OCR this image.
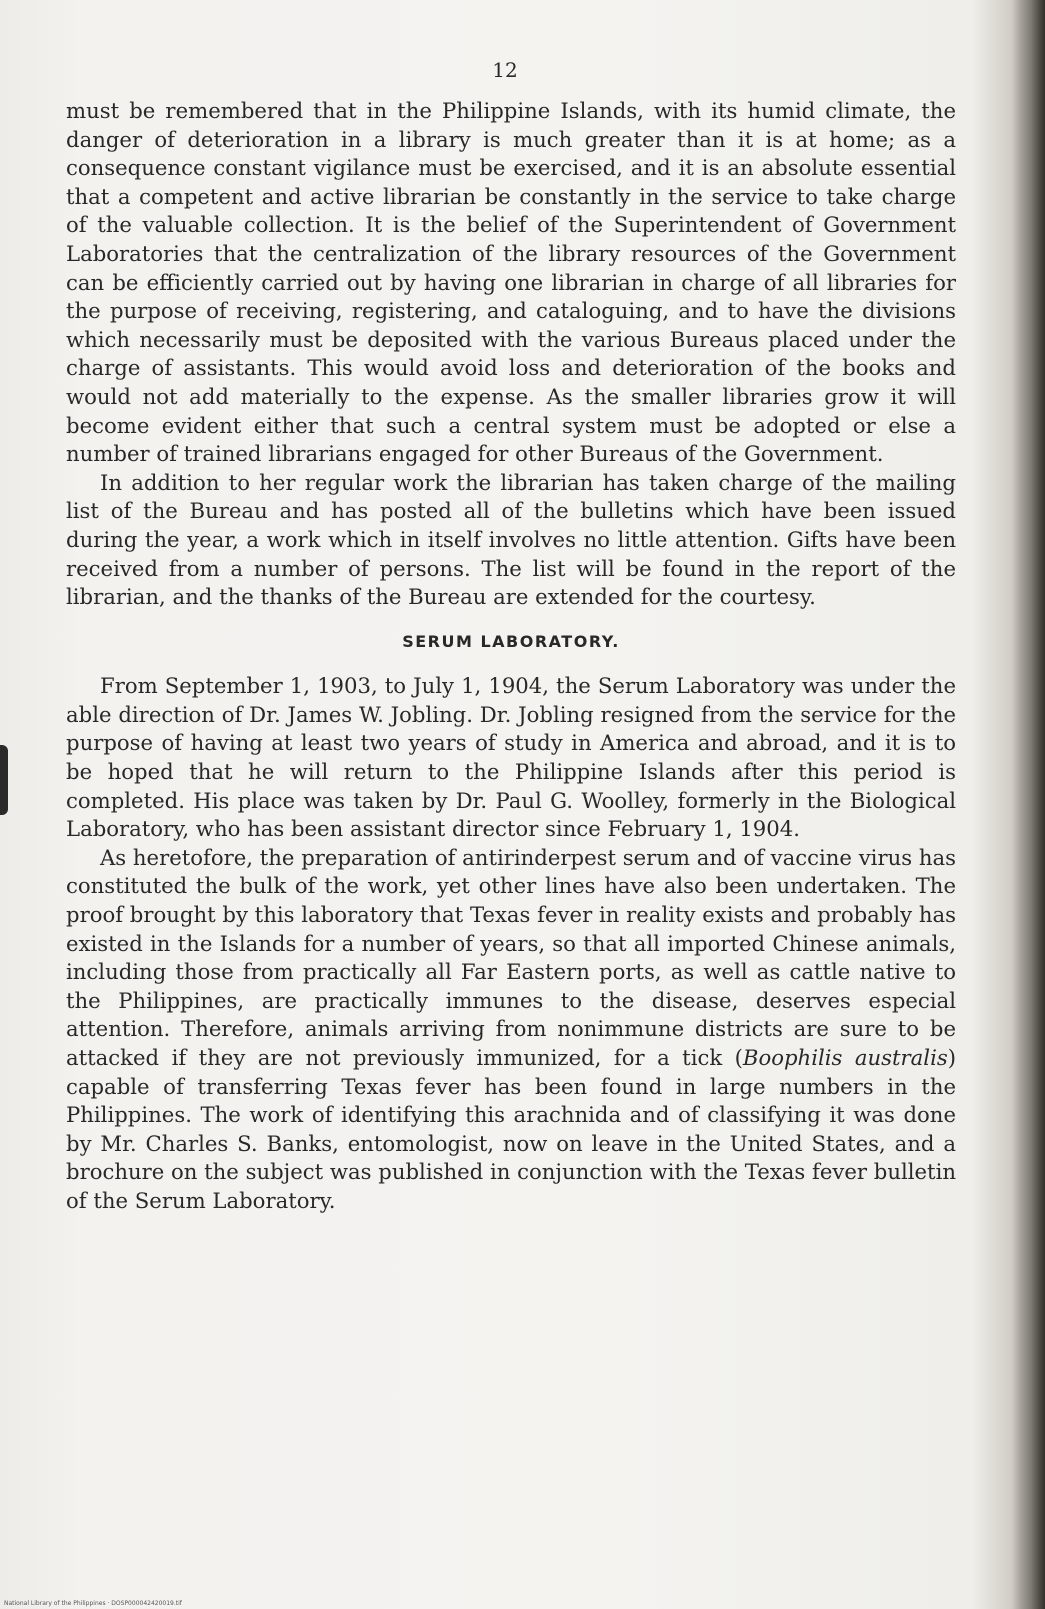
12

must be remembered that in the Philippine Islands, with its humid climate, the danger of deterioration in a library is much greater than it is at home; as a consequence constant vigilance must be exercised, and it is an absolute essential that a competent and active librarian be constantly in the service to take charge of the valuable collection. It is the belief of the Superintendent of Government Laboratories that the centralization of the library resources of the Government can be efficiently carried out by having one librarian in charge of all libraries for the purpose of receiving, registering, and cataloguing, and to have the divisions which necessarily must be deposited with the various Bureaus placed under the charge of assistants. This would avoid loss and deterioration of the books and would not add materially to the expense. As the smaller libraries grow it will become evident either that such a central system must be adopted or else a number of trained librarians engaged for other Bureaus of the Government.

In addition to her regular work the librarian has taken charge of the mailing list of the Bureau and has posted all of the bulletins which have been issued during the year, a work which in itself involves no little attention. Gifts have been received from a number of persons. The list will be found in the report of the librarian, and the thanks of the Bureau are extended for the courtesy.

SERUM LABORATORY.

From September 1, 1903, to July 1, 1904, the Serum Laboratory was under the able direction of Dr. James W. Jobling. Dr. Jobling resigned from the service for the purpose of having at least two years of study in America and abroad, and it is to be hoped that he will return to the Philippine Islands after this period is completed. His place was taken by Dr. Paul G. Woolley, formerly in the Biological Laboratory, who has been assistant director since February 1, 1904.

As heretofore, the preparation of antirinderpest serum and of vaccine virus has constituted the bulk of the work, yet other lines have also been undertaken. The proof brought by this laboratory that Texas fever in reality exists and probably has existed in the Islands for a number of years, so that all imported Chinese animals, including those from practically all Far Eastern ports, as well as cattle native to the Philippines, are practically immunes to the disease, deserves especial attention. Therefore, animals arriving from nonimmune districts are sure to be attacked if they are not previously immunized, for a tick (Boophilis australis) capable of transferring Texas fever has been found in large numbers in the Philippines. The work of identifying this arachnida and of classifying it was done by Mr. Charles S. Banks, entomologist, now on leave in the United States, and a brochure on the subject was published in conjunction with the Texas fever bulletin of the Serum Laboratory.

National Library of the Philippines · DOSP000042420019.tif
